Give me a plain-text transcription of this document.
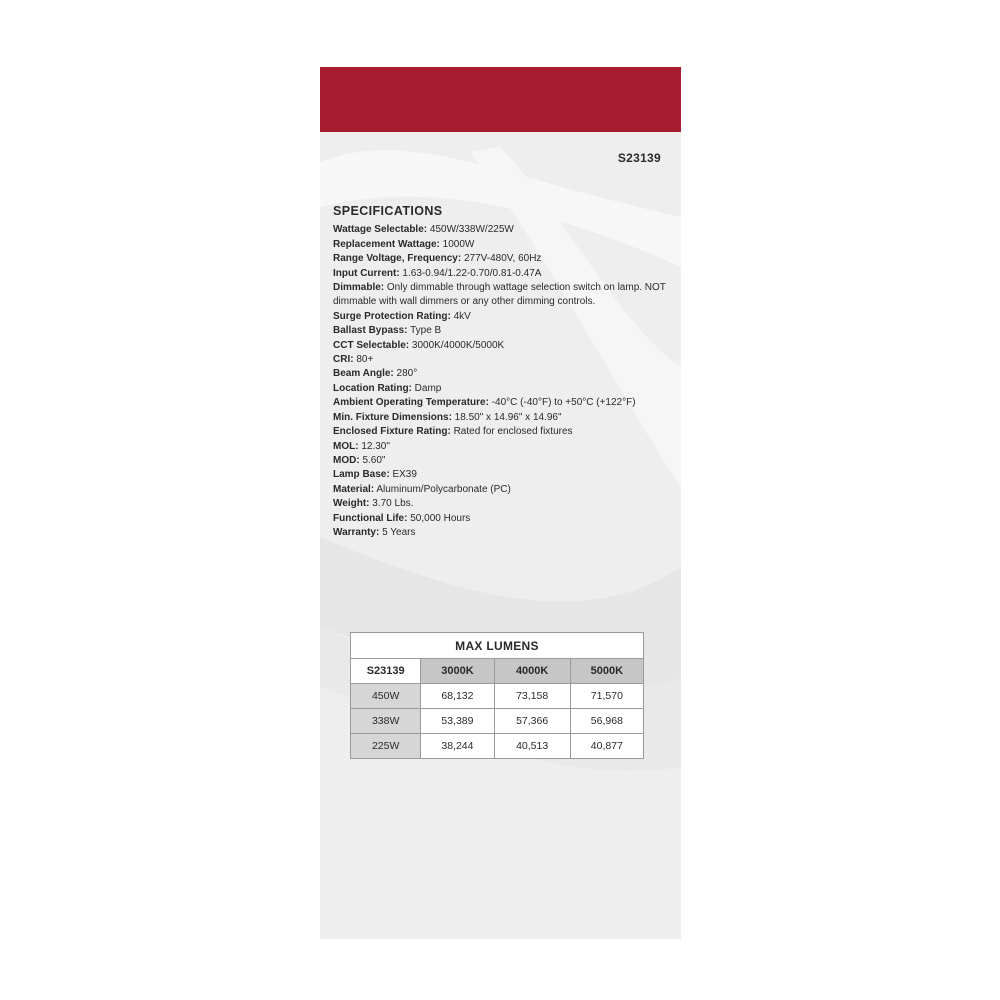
S23139
SPECIFICATIONS

Wattage Selectable: 450W/338W/225W

Replacement Wattage: 1000W

Range Voltage, Frequency: 277V-480V, 60Hz

Input Current: 1.63-0.94/1.22-0.70/0.81-0.47A

Dimmable: Only dimmable through wattage selection switch on lamp. NOT dimmable with wall dimmers or any other dimming controls.

Surge Protection Rating: 4kV

Ballast Bypass: Type B

CCT Selectable: 3000K/4000K/5000K

CRI: 80+

Beam Angle: 280°

Location Rating: Damp

Ambient Operating Temperature: -40°C (-40°F) to +50°C (+122°F)

Min. Fixture Dimensions: 18.50" x 14.96" x 14.96"

Enclosed Fixture Rating: Rated for enclosed fixtures

MOL: 12.30"

MOD: 5.60"

Lamp Base: EX39

Material: Aluminum/Polycarbonate (PC)

Weight: 3.70 Lbs.

Functional Life: 50,000 Hours

Warranty: 5 Years

MAX LUMENS			
S23139	3000K	4000K	5000K
450W	68,132	73,158	71,570
338W	53,389	57,366	56,968
225W	38,244	40,513	40,877
